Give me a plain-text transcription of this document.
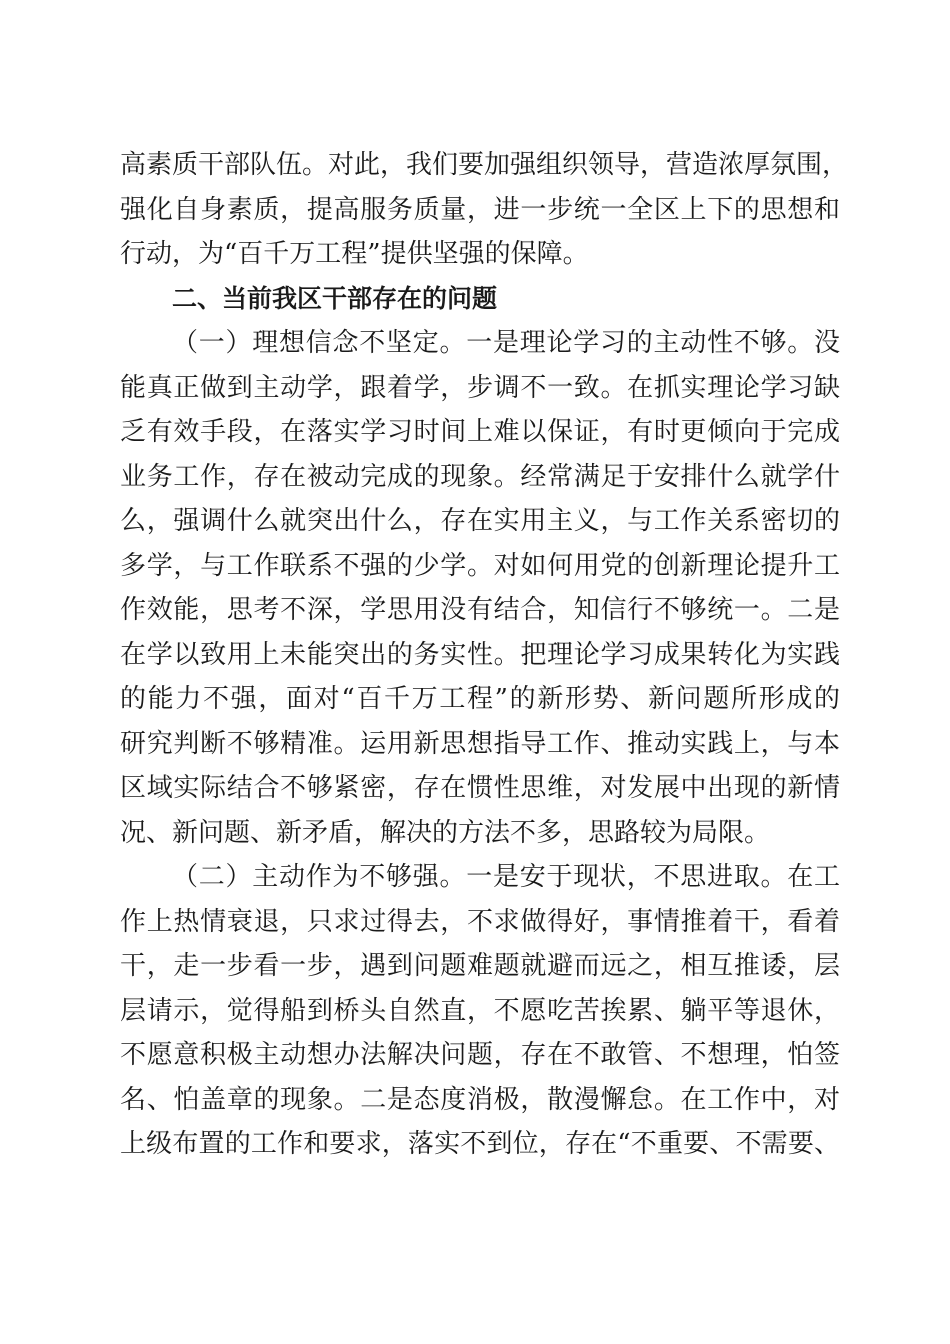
高素质干部队伍。对此，我们要加强组织领导，营造浓厚氛围，
强化自身素质，提高服务质量，进一步统一全区上下的思想和
行动，为“百千万工程”提供坚强的保障。
二、当前我区干部存在的问题
（一）理想信念不坚定。一是理论学习的主动性不够。没
能真正做到主动学，跟着学，步调不一致。在抓实理论学习缺
乏有效手段，在落实学习时间上难以保证，有时更倾向于完成
业务工作，存在被动完成的现象。经常满足于安排什么就学什
么，强调什么就突出什么，存在实用主义，与工作关系密切的
多学，与工作联系不强的少学。对如何用党的创新理论提升工
作效能，思考不深，学思用没有结合，知信行不够统一。二是
在学以致用上未能突出的务实性。把理论学习成果转化为实践
的能力不强，面对“百千万工程”的新形势、新问题所形成的
研究判断不够精准。运用新思想指导工作、推动实践上，与本
区域实际结合不够紧密，存在惯性思维，对发展中出现的新情
况、新问题、新矛盾，解决的方法不多，思路较为局限。
（二）主动作为不够强。一是安于现状，不思进取。在工
作上热情衰退，只求过得去，不求做得好，事情推着干，看着
干，走一步看一步，遇到问题难题就避而远之，相互推诿，层
层请示，觉得船到桥头自然直，不愿吃苦挨累、躺平等退休，
不愿意积极主动想办法解决问题，存在不敢管、不想理，怕签
名、怕盖章的现象。二是态度消极，散漫懈怠。在工作中，对
上级布置的工作和要求，落实不到位，存在“不重要、不需要、
